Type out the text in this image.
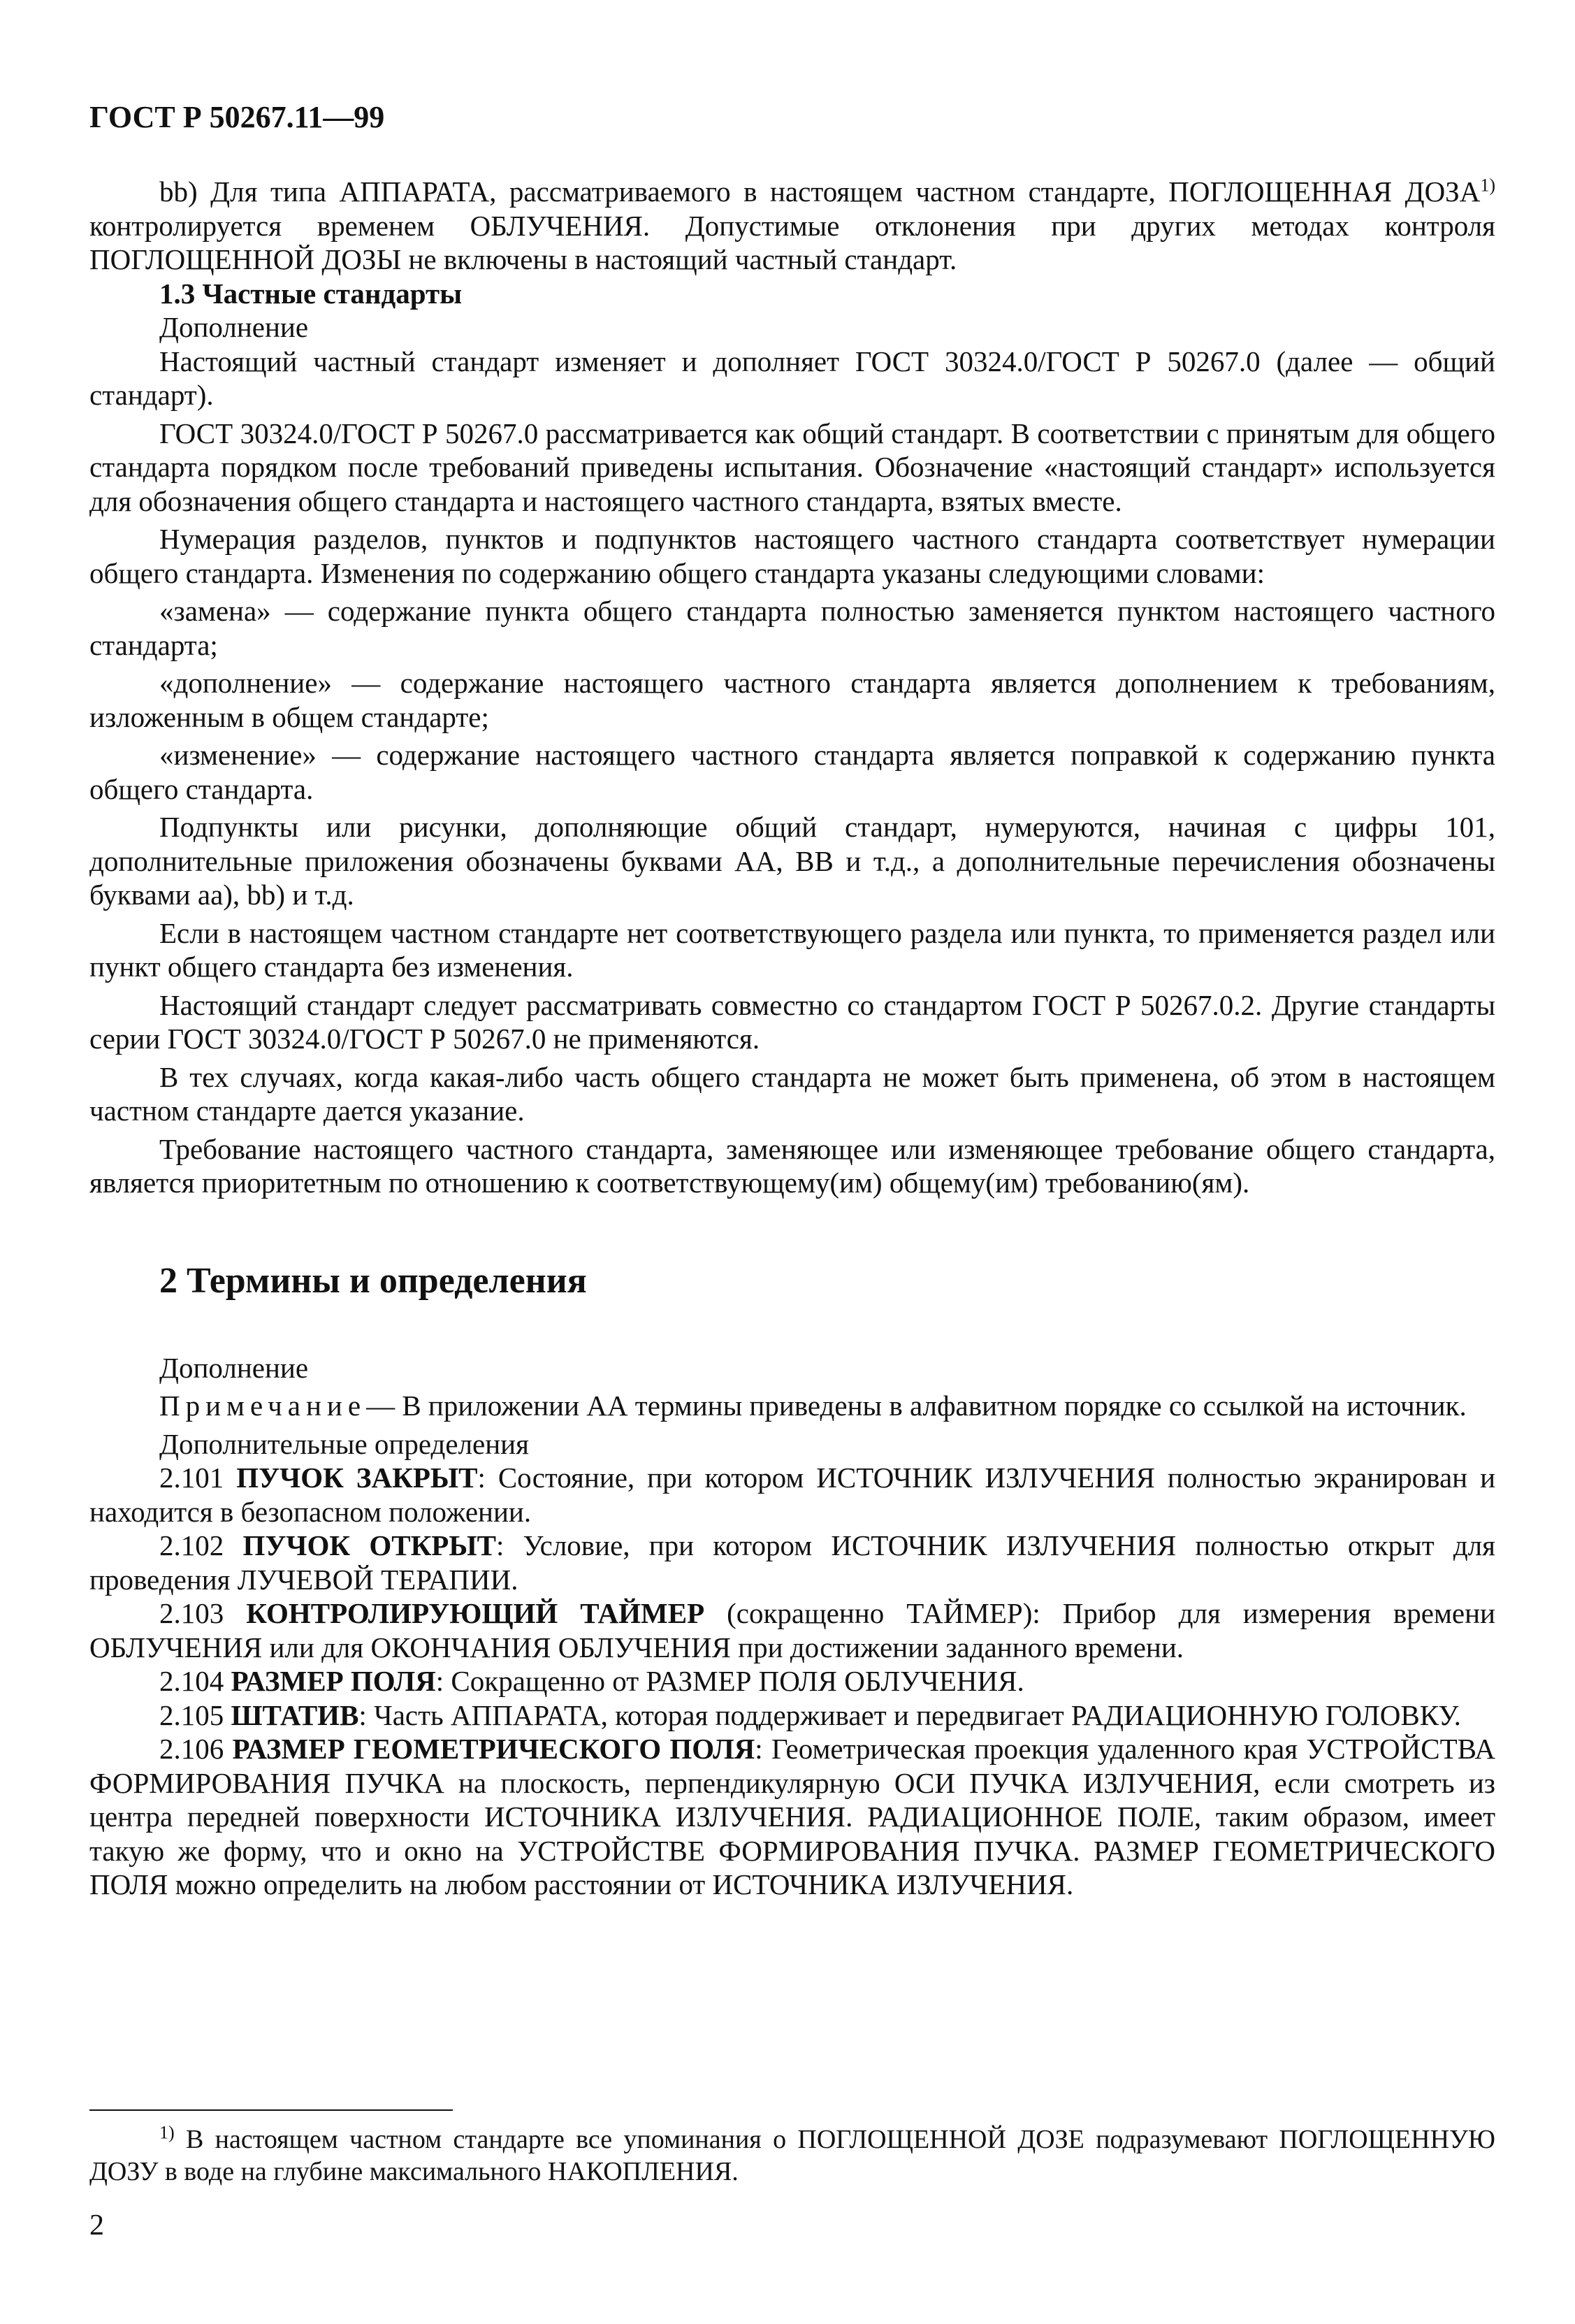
ГОСТ Р 50267.11—99

bb) Для типа АППАРАТА, рассматриваемого в настоящем частном стандарте, ПОГЛОЩЕННАЯ ДОЗА$^{1)}$ контролируется временем ОБЛУЧЕНИЯ. Допустимые отклонения при других методах контроля ПОГЛОЩЕННОЙ ДОЗЫ не включены в настоящий частный стандарт.

1.3 Частные стандарты

Дополнение

Настоящий частный стандарт изменяет и дополняет ГОСТ 30324.0/ГОСТ Р 50267.0 (далее — общий стандарт).

ГОСТ 30324.0/ГОСТ Р 50267.0 рассматривается как общий стандарт. В соответствии с принятым для общего стандарта порядком после требований приведены испытания. Обозначение «настоящий стандарт» используется для обозначения общего стандарта и настоящего частного стандарта, взятых вместе.

Нумерация разделов, пунктов и подпунктов настоящего частного стандарта соответствует нумерации общего стандарта. Изменения по содержанию общего стандарта указаны следующими словами:

«замена» — содержание пункта общего стандарта полностью заменяется пунктом настоящего частного стандарта;

«дополнение» — содержание настоящего частного стандарта является дополнением к требованиям, изложенным в общем стандарте;

«изменение» — содержание настоящего частного стандарта является поправкой к содержанию пункта общего стандарта.

Подпункты или рисунки, дополняющие общий стандарт, нумеруются, начиная с цифры 101, дополнительные приложения обозначены буквами АА, ВВ и т.д., а дополнительные перечисления обозначены буквами аа), bb) и т.д.

Если в настоящем частном стандарте нет соответствующего раздела или пункта, то применяется раздел или пункт общего стандарта без изменения.

Настоящий стандарт следует рассматривать совместно со стандартом ГОСТ Р 50267.0.2. Другие стандарты серии ГОСТ 30324.0/ГОСТ Р 50267.0 не применяются.

В тех случаях, когда какая-либо часть общего стандарта не может быть применена, об этом в настоящем частном стандарте дается указание.

Требование настоящего частного стандарта, заменяющее или изменяющее требование общего стандарта, является приоритетным по отношению к соответствующему(им) общему(им) требованию(ям).

2 Термины и определения

Дополнение

Примечание— В приложении АА термины приведены в алфавитном порядке со ссылкой на источник.

Дополнительные определения

2.101 ПУЧОК ЗАКРЫТ: Состояние, при котором ИСТОЧНИК ИЗЛУЧЕНИЯ полностью экранирован и находится в безопасном положении.

2.102 ПУЧОК ОТКРЫТ: Условие, при котором ИСТОЧНИК ИЗЛУЧЕНИЯ полностью открыт для проведения ЛУЧЕВОЙ ТЕРАПИИ.

2.103 КОНТРОЛИРУЮЩИЙ ТАЙМЕР (сокращенно ТАЙМЕР): Прибор для измерения времени ОБЛУЧЕНИЯ или для ОКОНЧАНИЯ ОБЛУЧЕНИЯ при достижении заданного времени.

2.104 РАЗМЕР ПОЛЯ: Сокращенно от РАЗМЕР ПОЛЯ ОБЛУЧЕНИЯ.

2.105 ШТАТИВ: Часть АППАРАТА, которая поддерживает и передвигает РАДИАЦИОННУЮ ГОЛОВКУ.

2.106 РАЗМЕР ГЕОМЕТРИЧЕСКОГО ПОЛЯ: Геометрическая проекция удаленного края УСТРОЙСТВА ФОРМИРОВАНИЯ ПУЧКА на плоскость, перпендикулярную ОСИ ПУЧКА ИЗЛУЧЕНИЯ, если смотреть из центра передней поверхности ИСТОЧНИКА ИЗЛУЧЕНИЯ. РАДИАЦИОННОЕ ПОЛЕ, таким образом, имеет такую же форму, что и окно на УСТРОЙСТВЕ ФОРМИРОВАНИЯ ПУЧКА. РАЗМЕР ГЕОМЕТРИЧЕСКОГО ПОЛЯ можно определить на любом расстоянии от ИСТОЧНИКА ИЗЛУЧЕНИЯ.

$^{1)}$ В настоящем частном стандарте все упоминания о ПОГЛОЩЕННОЙ ДОЗЕ подразумевают ПОГЛОЩЕННУЮ ДОЗУ в воде на глубине максимального НАКОПЛЕНИЯ.
2
